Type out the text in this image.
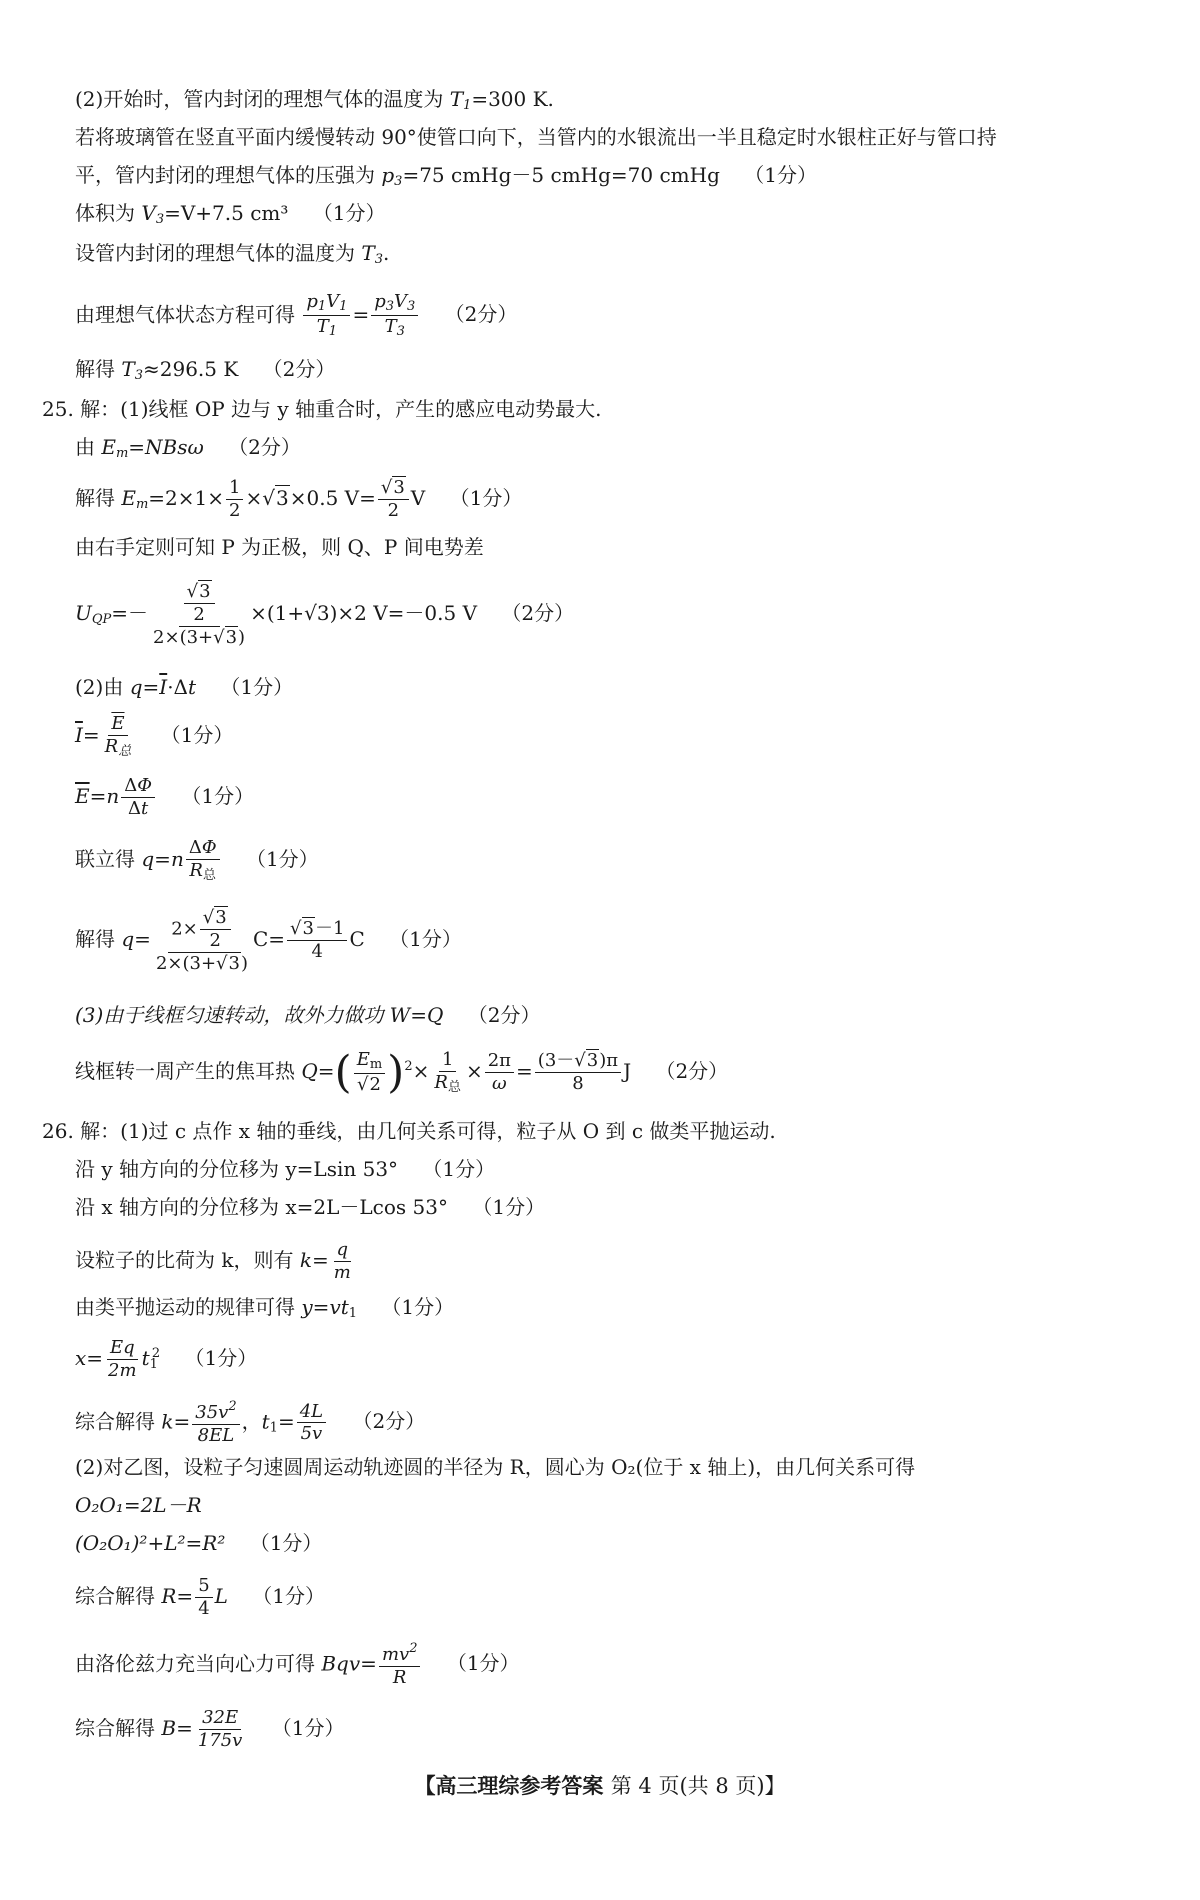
(2)开始时，管内封闭的理想气体的温度为 $T_1=300$ K.
若将玻璃管在竖直平面内缓慢转动 90°使管口向下，当管内的水银流出一半且稳定时水银柱正好与管口持
平，管内封闭的理想气体的压强为 $p_3=75$ cmHg－5 cmHg=70 cmHg （1分）
体积为 $V_3=V+7.5$ cm³ （1分）
设管内封闭的理想气体的温度为 $T_3$.
由理想气体状态方程可得 $\frac{p_1V_1}{T_1} = \frac{p_3V_3}{T_3} (2$分）
解得 $T_3\approx 296.5$ K （2分）
25. 解：(1)线框 OP 边与 y 轴重合时，产生的感应电动势最大.
由 $E_m=NBs\omega$ （2分）
解得 $E_m=2\times 1\times \frac{1}{2} \times√3\times 0.5$ $V= \frac{√3}{2}$ V （1分）
由右手定则可知 P 为正极，则 Q、P 间电势差
$U_{QP}=- \frac{\frac{√3}{2}}{2\times(3+√3)} \times(1+√3)\times 2$ V=－0.5 V （2分）
(2)由 $q=\overline{I}\cdot\Delta t$ （1分）
$\overline{I}= \frac{\overline{E}}{R_总} (1$分）
$\overline{E}=n \frac{\Delta\Phi}{\Delta t} (1$分）
联立得 $q=n \frac{\Delta\Phi}{R_总} (1$分）
解得 $q= \frac{2\times \frac{√3}{2}}{2\times(3+√3)} C= \frac{√3-1}{4}$ C （1分）
(3)由于线框匀速转动，故外力做功 W=Q （2分）
线框转一周产生的焦耳热 $Q=( \frac{E_m}{√2} )^2\times \frac{1}{R_总} \times \frac{2\pi}{\omega} = \frac{(3-√3)\pi}{8}$ J （2分）
26. 解：(1)过 c 点作 x 轴的垂线，由几何关系可得，粒子从 O 到 c 做类平抛运动.
沿 y 轴方向的分位移为 y=Lsin 53° （1分）
沿 x 轴方向的分位移为 x=2L－Lcos 53° （1分）
设粒子的比荷为 k，则有 $k= \frac{q}{m}$
由类平抛运动的规律可得 $y=vt_1$ （1分）
$x= \frac{Eq}{2m} t_1^2$ （1分）
综合解得 $k= \frac{35v^2}{8EL}$ ，$t_1= \frac{4L}{5v} (2$分）
(2)对乙图，设粒子匀速圆周运动轨迹圆的半径为 R，圆心为 O₂(位于 x 轴上)，由几何关系可得
O₂O₁=2L－R
(O₂O₁)²+L²=R² （1分）
综合解得 $R= \frac{5}{4}$ L （1分）
由洛伦兹力充当向心力可得 $Bqv= \frac{mv^2}{R} (1$分）
综合解得 $B= \frac{32E}{175v} (1$分）
【高三理综参考答案 第 4 页(共 8 页)】
